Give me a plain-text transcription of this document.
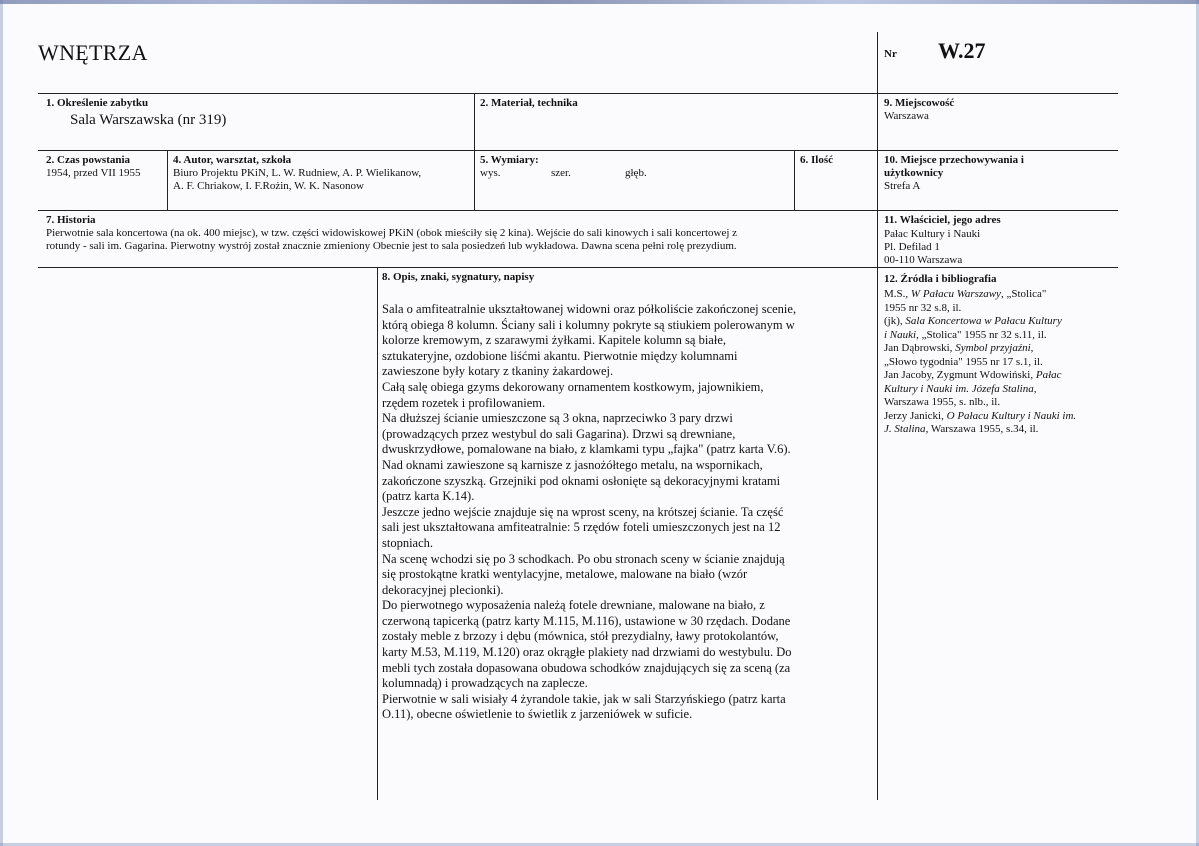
WNĘTRZA	Nr W.27
1. Określenie zabytku
Sala Warszawska (nr 319)
2. Materiał, technika	9. Miejscowość
Warszawa
2. Czas powstania
1954, przed VII 1955
4. Autor, warsztat, szkoła
Biuro Projektu PKiN, L. W. Rudniew, A. P. Wielikanow,
A. F. Chriakow, I. F.Rożin, W. K. Nasonow
5. Wymiary:
wys.	szer.	głęb.
6. Ilość	10. Miejsce przechowywania i
użytkownicy
Strefa A
7. Historia
Pierwotnie sala koncertowa (na ok. 400 miejsc), w tzw. części widowiskowej PKiN (obok mieściły się 2 kina). Wejście do sali kinowych i sali koncertowej z
rotundy - sali im. Gagarina. Pierwotny wystrój został znacznie zmieniony Obecnie jest to sala posiedzeń lub wykładowa. Dawna scena pełni rolę prezydium.
11. Właściciel, jego adres
Pałac Kultury i Nauki
Pl. Defilad 1
00-110 Warszawa
8. Opis, znaki, sygnatury, napisy
Sala o amfiteatralnie ukształtowanej widowni oraz półkoliście zakończonej scenie,
którą obiega 8 kolumn. Ściany sali i kolumny pokryte są stiukiem polerowanym w
kolorze kremowym, z szarawymi żyłkami. Kapitele kolumn są białe,
sztukateryjne, ozdobione liśćmi akantu. Pierwotnie między kolumnami
zawieszone były kotary z tkaniny żakardowej.
Całą salę obiega gzyms dekorowany ornamentem kostkowym, jajownikiem,
rzędem rozetek i profilowaniem.
Na dłuższej ścianie umieszczone są 3 okna, naprzeciwko 3 pary drzwi
(prowadzących przez westybul do sali Gagarina). Drzwi są drewniane,
dwuskrzydłowe, pomalowane na biało, z klamkami typu „fajka" (patrz karta V.6).
Nad oknami zawieszone są karnisze z jasnożółtego metalu, na wspornikach,
zakończone szyszką. Grzejniki pod oknami osłonięte są dekoracyjnymi kratami
(patrz karta K.14).
Jeszcze jedno wejście znajduje się na wprost sceny, na krótszej ścianie. Ta część
sali jest ukształtowana amfiteatralnie: 5 rzędów foteli umieszczonych jest na 12
stopniach.
Na scenę wchodzi się po 3 schodkach. Po obu stronach sceny w ścianie znajdują
się prostokątne kratki wentylacyjne, metalowe, malowane na biało (wzór
dekoracyjnej plecionki).
Do pierwotnego wyposażenia należą fotele drewniane, malowane na biało, z
czerwoną tapicerką (patrz karty M.115, M.116), ustawione w 30 rzędach. Dodane
zostały meble z brzozy i dębu (mównica, stół prezydialny, ławy protokolantów,
karty M.53, M.119, M.120) oraz okrągłe plakiety nad drzwiami do westybulu. Do
mebli tych została dopasowana obudowa schodków znajdujących się za sceną (za
kolumnadą) i prowadzących na zaplecze.
Pierwotnie w sali wisiały 4 żyrandole takie, jak w sali Starzyńskiego (patrz karta
O.11), obecne oświetlenie to świetlik z jarzeniówek w suficie.
12. Źródła i bibliografia
M.S., W Pałacu Warszawy, „Stolica"
1955 nr 32 s.8, il.
(jk), Sala Koncertowa w Pałacu Kultury
i Nauki, „Stolica" 1955 nr 32 s.11, il.
Jan Dąbrowski, Symbol przyjaźni,
„Słowo tygodnia" 1955 nr 17 s.1, il.
Jan Jacoby, Zygmunt Wdowiński, Pałac
Kultury i Nauki im. Józefa Stalina,
Warszawa 1955, s. nlb., il.
Jerzy Janicki, O Pałacu Kultury i Nauki im.
J. Stalina, Warszawa 1955, s.34, il.
